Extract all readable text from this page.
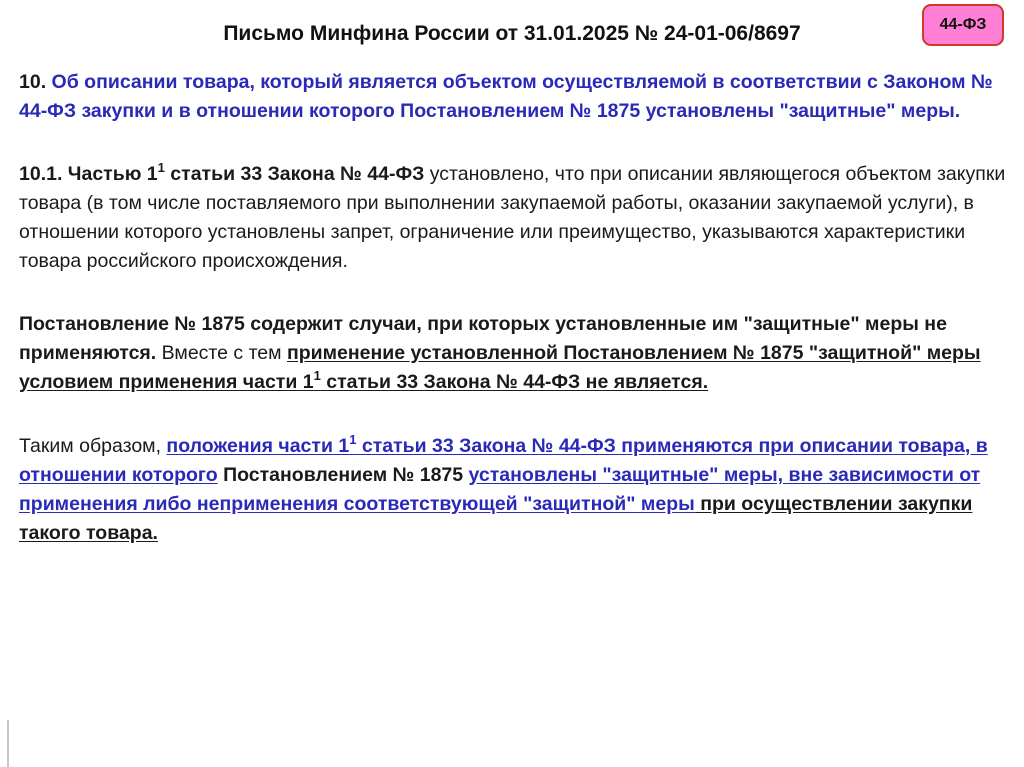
Письмо Минфина России от 31.01.2025 № 24-01-06/8697	44-ФЗ

10. Об описании товара, который является объектом осуществляемой в соответствии с Законом № 44-ФЗ закупки и в отношении которого Постановлением № 1875 установлены "защитные" меры.

10.1. Частью $1^1$ статьи 33 Закона № 44-ФЗ установлено, что при описании являющегося объектом закупки товара (в том числе поставляемого при выполнении закупаемой работы, оказании закупаемой услуги), в отношении которого установлены запрет, ограничение или преимущество, указываются характеристики товара российского происхождения.

Постановление № 1875 содержит случаи, при которых установленные им "защитные" меры не применяются. Вместе с тем применение установленной Постановлением № 1875 "защитной" меры условием применения части $1^1$ статьи 33 Закона № 44-ФЗ не является.

Таким образом, положения части $1^1$ статьи 33 Закона № 44-ФЗ применяются при описании товара, в отношении которого Постановлением № 1875 установлены "защитные" меры, вне зависимости от применения либо неприменения соответствующей "защитной" меры при осуществлении закупки такого товара.
